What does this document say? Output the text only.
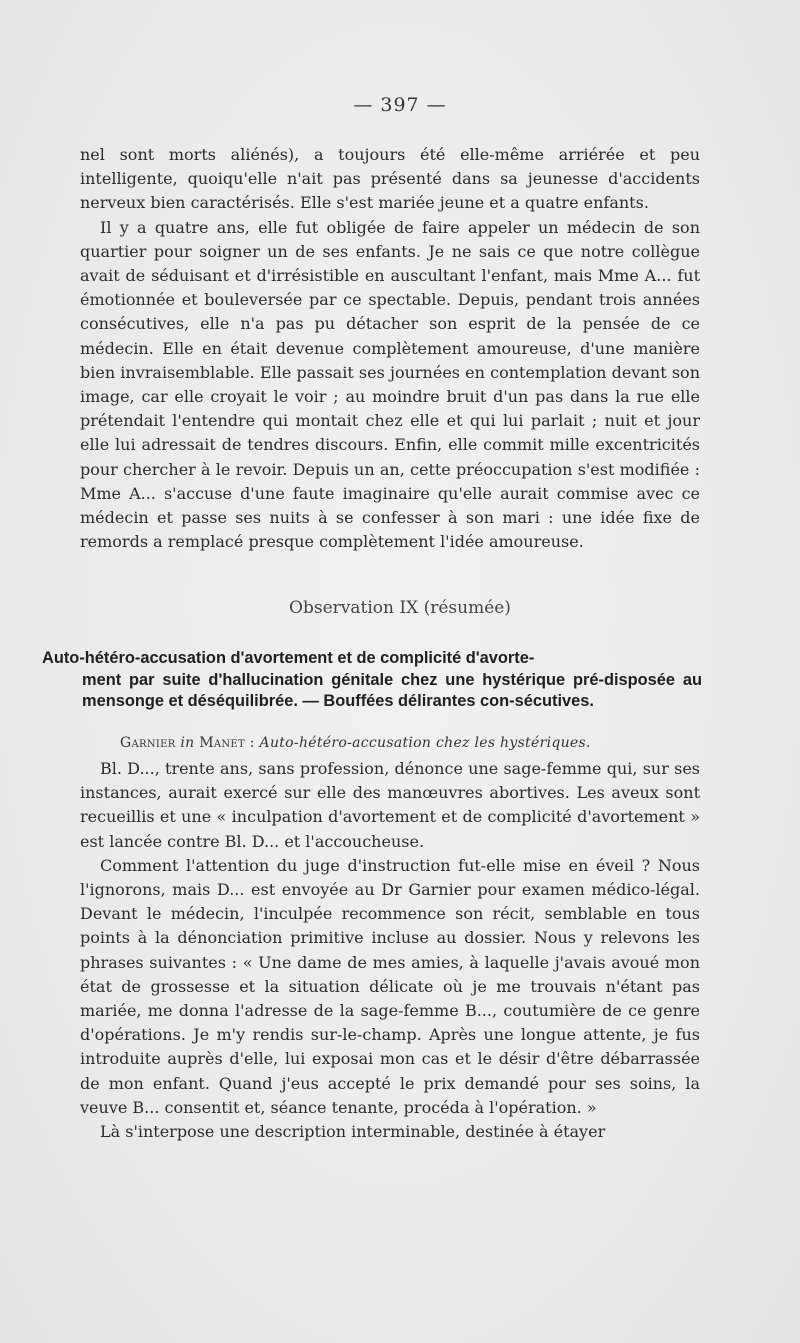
— 397 —

nel sont morts aliénés), a toujours été elle-même arriérée et peu intelligente, quoiqu'elle n'ait pas présenté dans sa jeunesse d'accidents nerveux bien caractérisés. Elle s'est mariée jeune et a quatre enfants.

Il y a quatre ans, elle fut obligée de faire appeler un médecin de son quartier pour soigner un de ses enfants. Je ne sais ce que notre collègue avait de séduisant et d'irrésistible en auscultant l'enfant, mais Mme A... fut émotionnée et bouleversée par ce spectable. Depuis, pendant trois années consécutives, elle n'a pas pu détacher son esprit de la pensée de ce médecin. Elle en était devenue complètement amoureuse, d'une manière bien invraisemblable. Elle passait ses journées en contemplation devant son image, car elle croyait le voir ; au moindre bruit d'un pas dans la rue elle prétendait l'entendre qui montait chez elle et qui lui parlait ; nuit et jour elle lui adressait de tendres discours. Enfin, elle commit mille excentricités pour chercher à le revoir. Depuis un an, cette préoccupation s'est modifiée : Mme A... s'accuse d'une faute imaginaire qu'elle aurait commise avec ce médecin et passe ses nuits à se confesser à son mari : une idée fixe de remords a remplacé presque complètement l'idée amoureuse.

Observation IX (résumée)
Auto-hétéro-accusation d'avortement et de complicité d'avorte-
ment par suite d'hallucination génitale chez une hystérique pré-disposée au mensonge et déséquilibrée. — Bouffées délirantes con-sécutives.
Garnier in Manet : Auto-hétéro-accusation chez les hystériques.

Bl. D..., trente ans, sans profession, dénonce une sage-femme qui, sur ses instances, aurait exercé sur elle des manœuvres abortives. Les aveux sont recueillis et une « inculpation d'avortement et de complicité d'avortement » est lancée contre Bl. D... et l'accoucheuse.

Comment l'attention du juge d'instruction fut-elle mise en éveil ? Nous l'ignorons, mais D... est envoyée au Dr Garnier pour examen médico-légal. Devant le médecin, l'inculpée recommence son récit, semblable en tous points à la dénonciation primitive incluse au dossier. Nous y relevons les phrases suivantes : « Une dame de mes amies, à laquelle j'avais avoué mon état de grossesse et la situation délicate où je me trouvais n'étant pas mariée, me donna l'adresse de la sage-femme B..., coutumière de ce genre d'opérations. Je m'y rendis sur-le-champ. Après une longue attente, je fus introduite auprès d'elle, lui exposai mon cas et le désir d'être débarrassée de mon enfant. Quand j'eus accepté le prix demandé pour ses soins, la veuve B... consentit et, séance tenante, procéda à l'opération. »

Là s'interpose une description interminable, destinée à étayer
